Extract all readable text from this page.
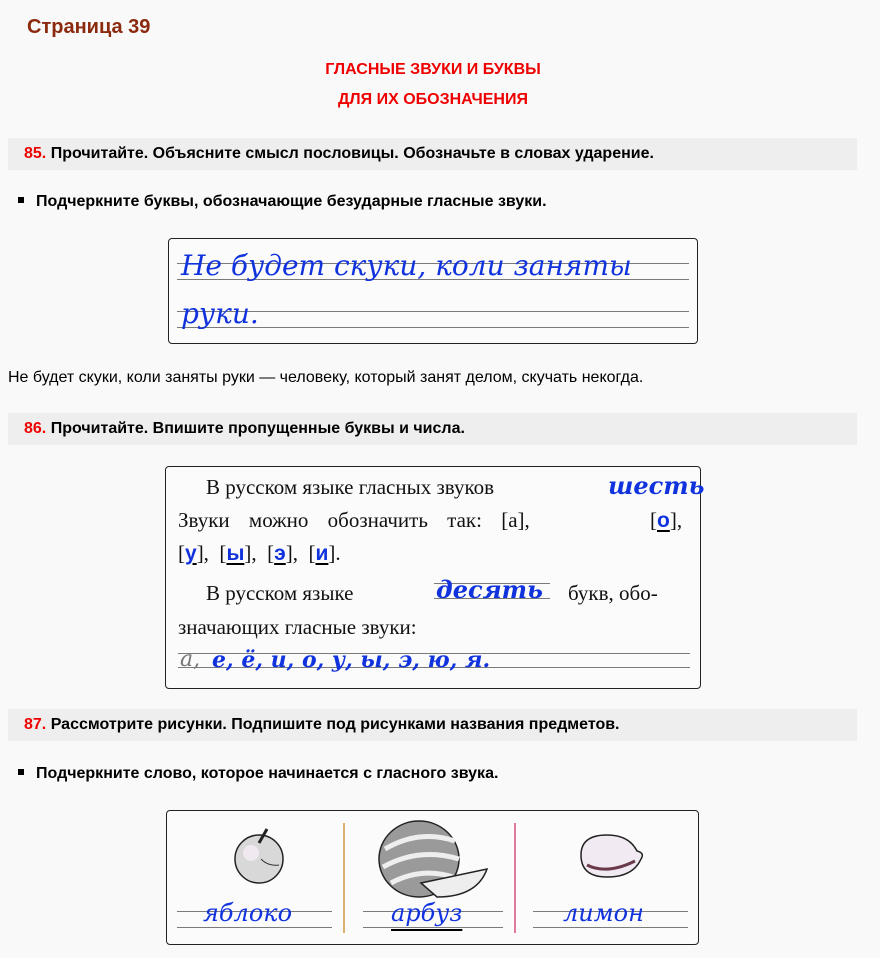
Страница 39
ГЛАСНЫЕ ЗВУКИ И БУКВЫ
ДЛЯ ИХ ОБОЗНАЧЕНИЯ
85. Прочитайте. Объясните смысл пословицы. Обозначьте в словах ударение.
Подчеркните буквы, обозначающие безударные гласные звуки.
Не будет скуки, коли заняты
руки.
Не будет скуки, коли заняты руки — человеку, который занят делом, скучать некогда.
86. Прочитайте. Впишите пропущенные буквы и числа.
В русском языке гласных звуков	шесть
Звуки можно обозначить так: [а],	[о],
[у],  [ы],  [э],  [и].
В русском языке	десять букв, обо-
значающих гласные звуки:
а, е, ё, и, о, у, ы, э, ю, я.
87. Рассмотрите рисунки. Подпишите под рисунками названия предметов.
Подчеркните слово, которое начинается с гласного звука.
яблоко	арбуз	лимон
